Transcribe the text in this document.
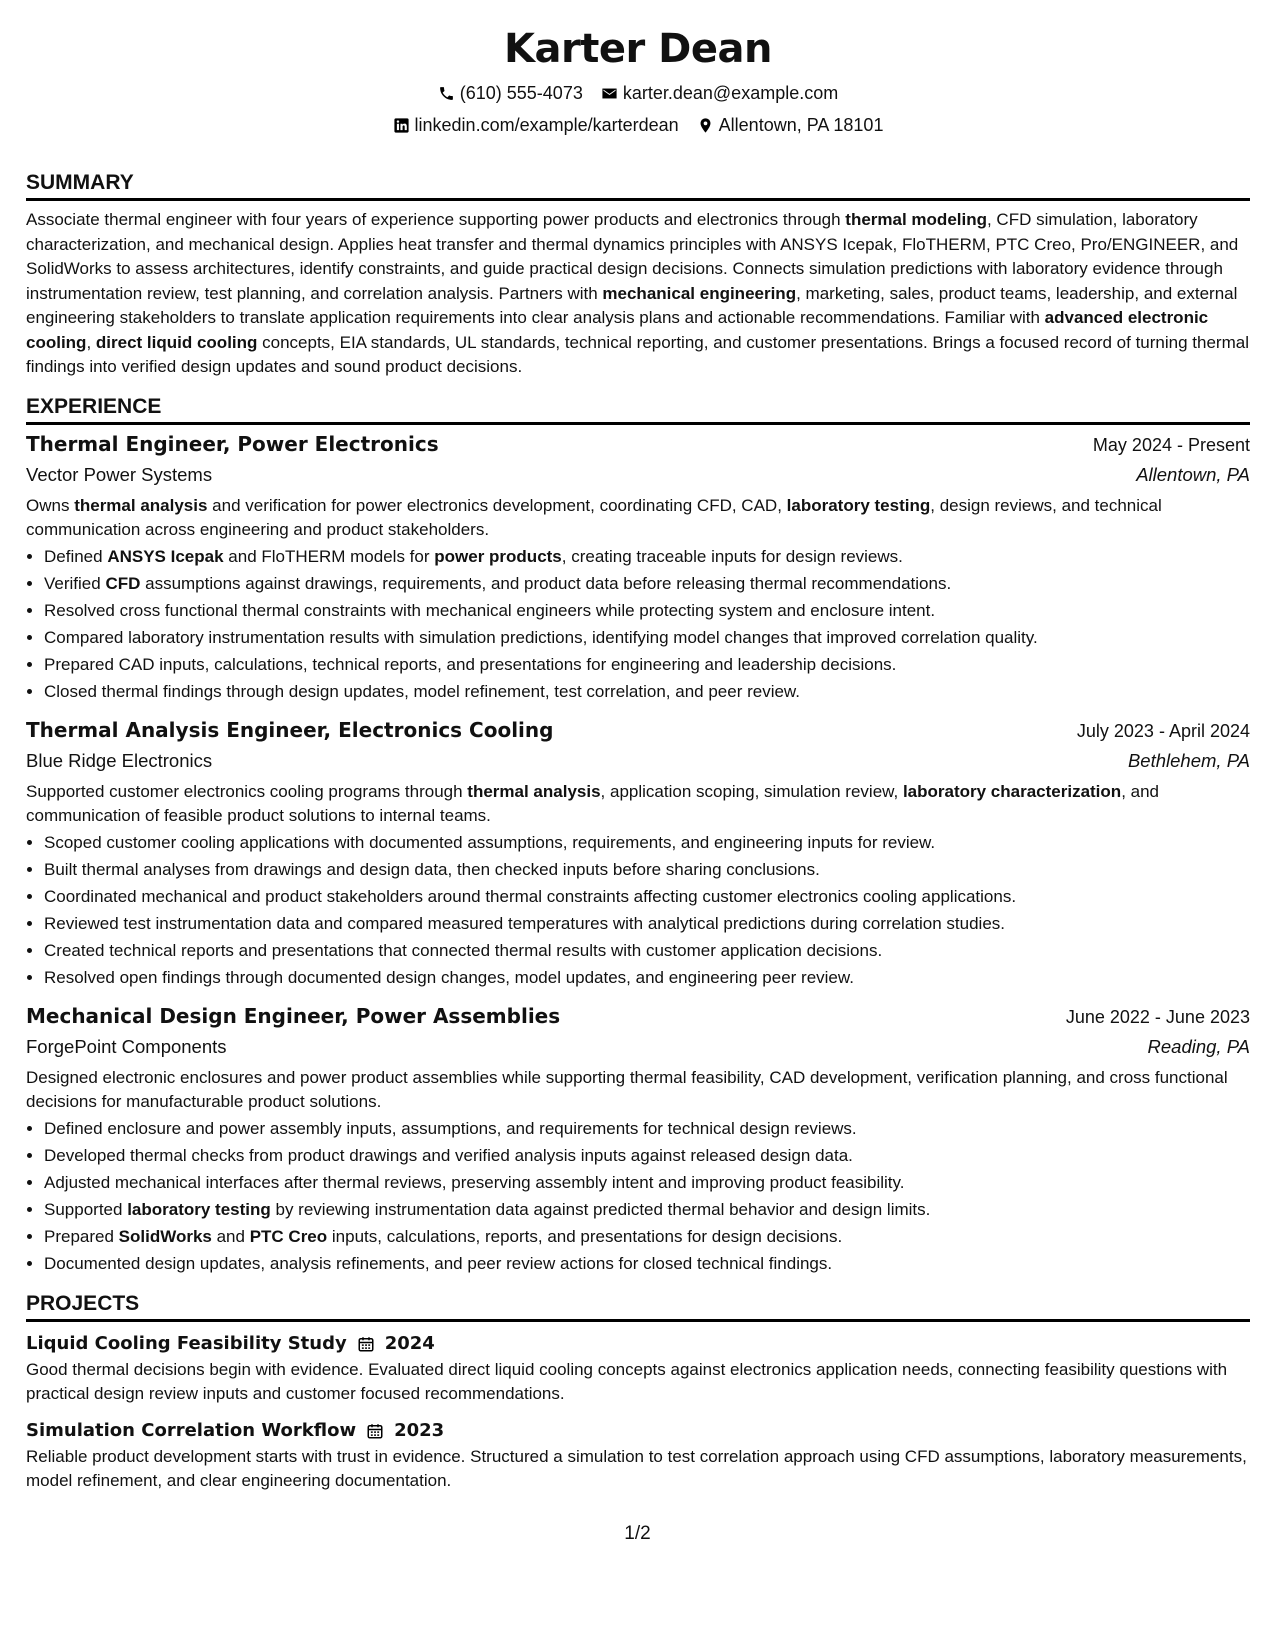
Karter Dean
(610) 555-4073 karter.dean@example.com
linkedin.com/example/karterdean Allentown, PA 18101
SUMMARY

Associate thermal engineer with four years of experience supporting power products and electronics through thermal modeling, CFD simulation, laboratory characterization, and mechanical design. Applies heat transfer and thermal dynamics principles with ANSYS Icepak, FloTHERM, PTC Creo, Pro/ENGINEER, and SolidWorks to assess architectures, identify constraints, and guide practical design decisions. Connects simulation predictions with laboratory evidence through instrumentation review, test planning, and correlation analysis. Partners with mechanical engineering, marketing, sales, product teams, leadership, and external engineering stakeholders to translate application requirements into clear analysis plans and actionable recommendations. Familiar with advanced electronic cooling, direct liquid cooling concepts, EIA standards, UL standards, technical reporting, and customer presentations. Brings a focused record of turning thermal findings into verified design updates and sound product decisions.

EXPERIENCE
Thermal Engineer, Power Electronics	May 2024 - Present
Vector Power Systems	Allentown, PA

Owns thermal analysis and verification for power electronics development, coordinating CFD, CAD, laboratory testing, design reviews, and technical communication across engineering and product stakeholders.

• Defined ANSYS Icepak and FloTHERM models for power products, creating traceable inputs for design reviews.
• Verified CFD assumptions against drawings, requirements, and product data before releasing thermal recommendations.
• Resolved cross functional thermal constraints with mechanical engineers while protecting system and enclosure intent.
• Compared laboratory instrumentation results with simulation predictions, identifying model changes that improved correlation quality.
• Prepared CAD inputs, calculations, technical reports, and presentations for engineering and leadership decisions.
• Closed thermal findings through design updates, model refinement, test correlation, and peer review.
Thermal Analysis Engineer, Electronics Cooling	July 2023 - April 2024
Blue Ridge Electronics	Bethlehem, PA

Supported customer electronics cooling programs through thermal analysis, application scoping, simulation review, laboratory characterization, and communication of feasible product solutions to internal teams.

• Scoped customer cooling applications with documented assumptions, requirements, and engineering inputs for review.
• Built thermal analyses from drawings and design data, then checked inputs before sharing conclusions.
• Coordinated mechanical and product stakeholders around thermal constraints affecting customer electronics cooling applications.
• Reviewed test instrumentation data and compared measured temperatures with analytical predictions during correlation studies.
• Created technical reports and presentations that connected thermal results with customer application decisions.
• Resolved open findings through documented design changes, model updates, and engineering peer review.
Mechanical Design Engineer, Power Assemblies	June 2022 - June 2023
ForgePoint Components	Reading, PA

Designed electronic enclosures and power product assemblies while supporting thermal feasibility, CAD development, verification planning, and cross functional decisions for manufacturable product solutions.

• Defined enclosure and power assembly inputs, assumptions, and requirements for technical design reviews.
• Developed thermal checks from product drawings and verified analysis inputs against released design data.
• Adjusted mechanical interfaces after thermal reviews, preserving assembly intent and improving product feasibility.
• Supported laboratory testing by reviewing instrumentation data against predicted thermal behavior and design limits.
• Prepared SolidWorks and PTC Creo inputs, calculations, reports, and presentations for design decisions.
• Documented design updates, analysis refinements, and peer review actions for closed technical findings.
PROJECTS
Liquid Cooling Feasibility Study 2024

Good thermal decisions begin with evidence. Evaluated direct liquid cooling concepts against electronics application needs, connecting feasibility questions with practical design review inputs and customer focused recommendations.

Simulation Correlation Workflow 2023

Reliable product development starts with trust in evidence. Structured a simulation to test correlation approach using CFD assumptions, laboratory measurements, model refinement, and clear engineering documentation.

1/2
